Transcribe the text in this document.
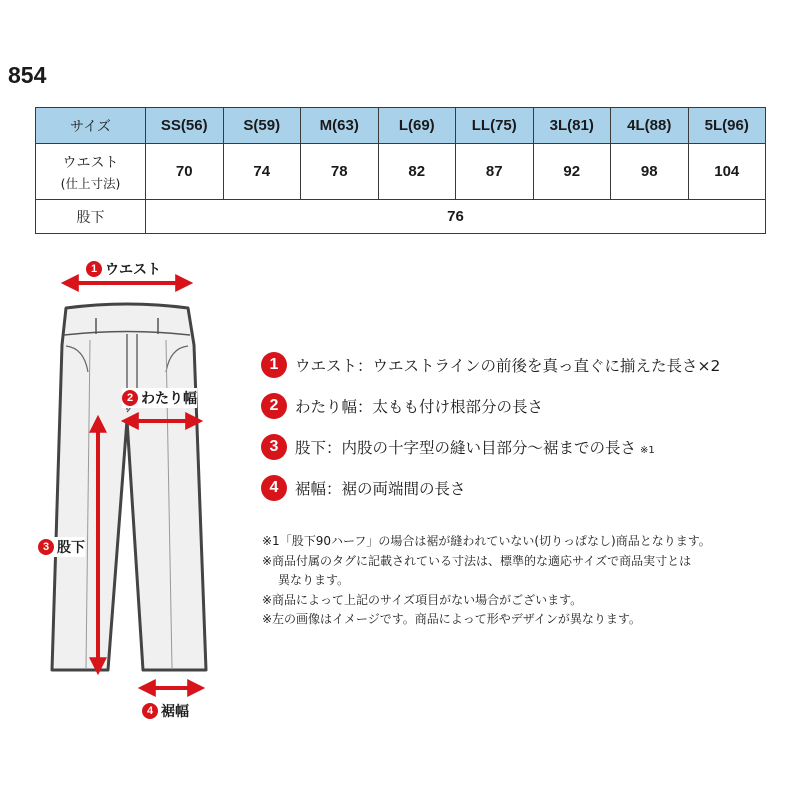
854
サイズ	SS(56)	S(59)	M(63)	L(69)	LL(75)	3L(81)	4L(88)	5L(96)

ウエスト
(仕上寸法)	70	74	78	82	87	92	98	104
股下	76							
1 ウエスト
2 わたり幅
3 股下
4 裾幅
1	ウエスト ：ウエストラインの前後を真っ直ぐに揃えた長さ×2
2	わたり幅 ：太もも付け根部分の長さ
3	股下 ：内股の十字型の縫い目部分～裾までの長さ ※1
4	裾幅 ：裾の両端間の長さ

※1「股下90ハーフ」の場合は裾が縫われていない(切りっぱなし)商品となります。

※商品付属のタグに記載されている寸法は、標準的な適応サイズで商品実寸とは

異なります。

※商品によって上記のサイズ項目がない場合がございます。

※左の画像はイメージです。商品によって形やデザインが異なります。
